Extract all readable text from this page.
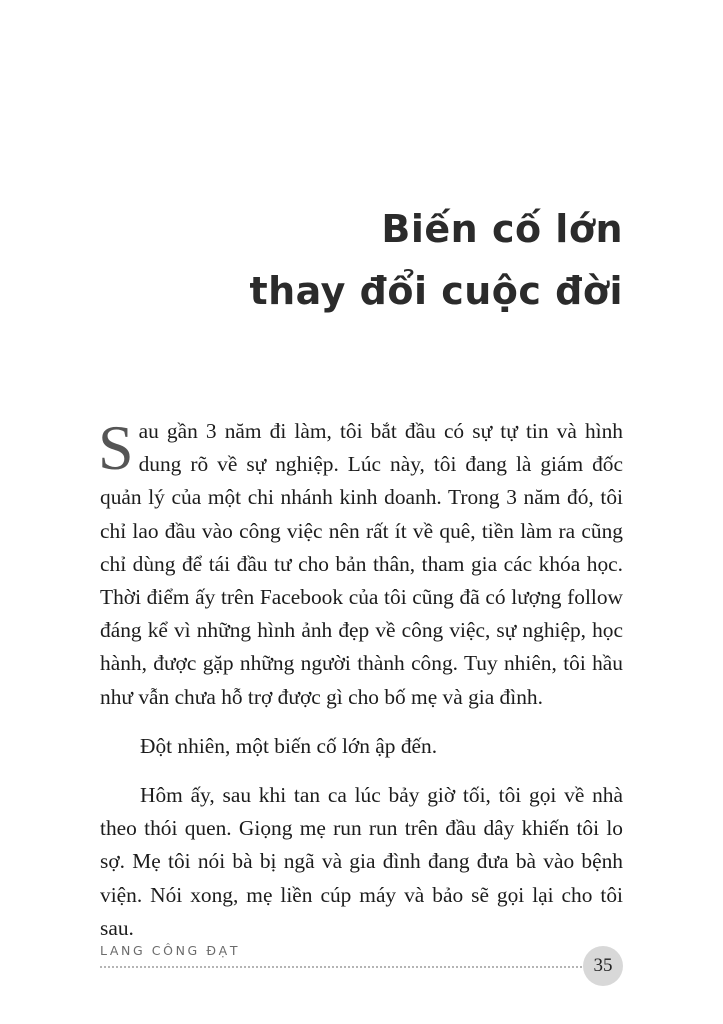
Biến cố lớn
thay đổi cuộc đời

Sau gần 3 năm đi làm, tôi bắt đầu có sự tự tin và hình dung rõ về sự nghiệp. Lúc này, tôi đang là giám đốc quản lý của một chi nhánh kinh doanh. Trong 3 năm đó, tôi chỉ lao đầu vào công việc nên rất ít về quê, tiền làm ra cũng chỉ dùng để tái đầu tư cho bản thân, tham gia các khóa học. Thời điểm ấy trên Facebook của tôi cũng đã có lượng follow đáng kể vì những hình ảnh đẹp về công việc, sự nghiệp, học hành, được gặp những người thành công. Tuy nhiên, tôi hầu như vẫn chưa hỗ trợ được gì cho bố mẹ và gia đình.

Đột nhiên, một biến cố lớn ập đến.

Hôm ấy, sau khi tan ca lúc bảy giờ tối, tôi gọi về nhà theo thói quen. Giọng mẹ run run trên đầu dây khiến tôi lo sợ. Mẹ tôi nói bà bị ngã và gia đình đang đưa bà vào bệnh viện. Nói xong, mẹ liền cúp máy và bảo sẽ gọi lại cho tôi sau.

LANG CÔNG ĐẠT
35
